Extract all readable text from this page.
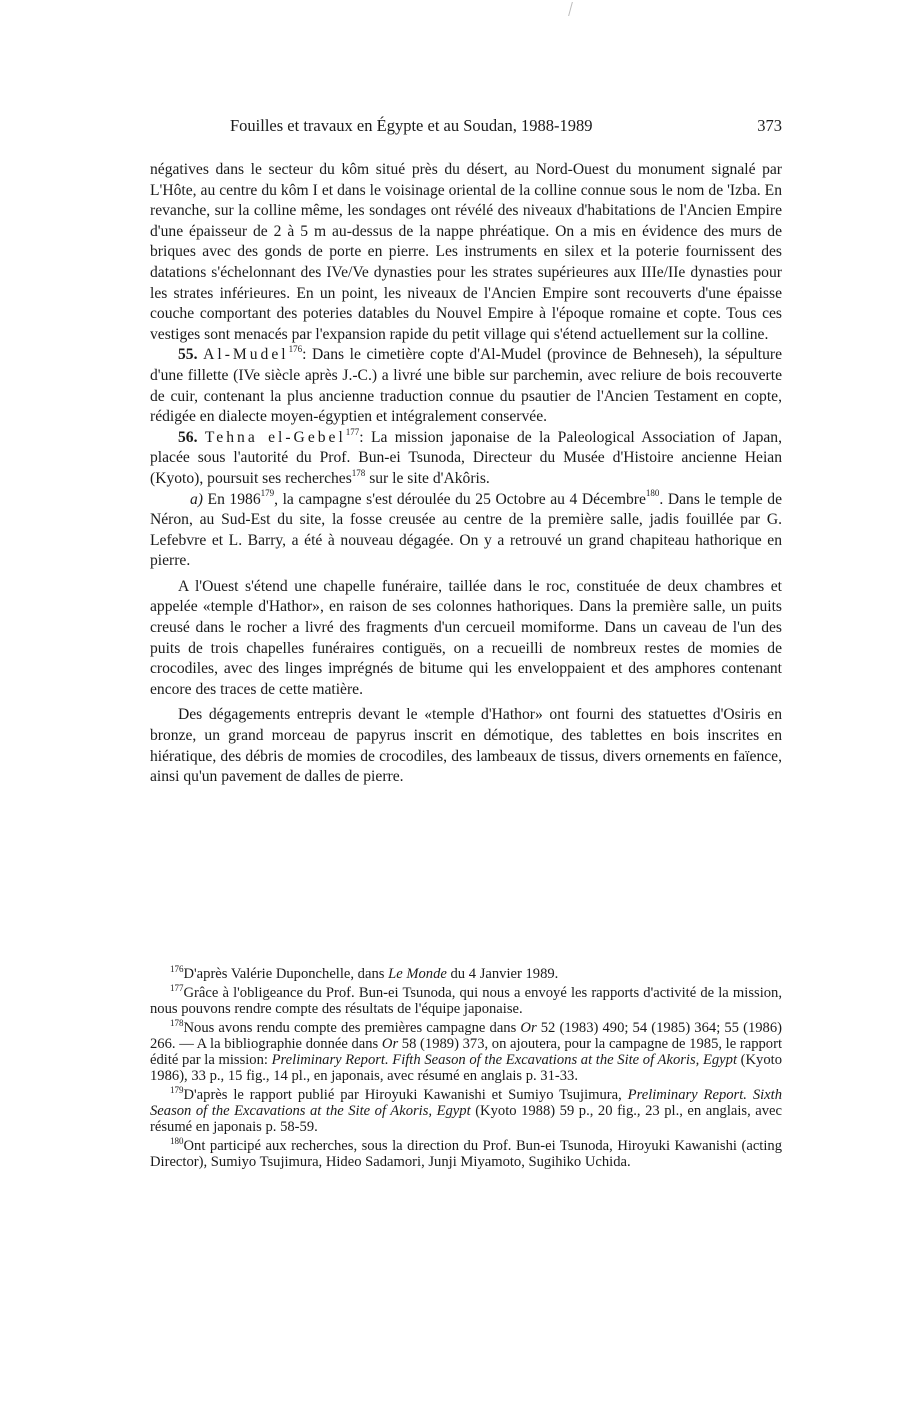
Fouilles et travaux en Égypte et au Soudan, 1988-1989	373

négatives dans le secteur du kôm situé près du désert, au Nord-Ouest du monument signalé par L'Hôte, au centre du kôm I et dans le voisinage oriental de la colline connue sous le nom de 'Izba. En revanche, sur la colline même, les sondages ont révélé des niveaux d'habitations de l'Ancien Empire d'une épaisseur de 2 à 5 m au-dessus de la nappe phréatique. On a mis en évidence des murs de briques avec des gonds de porte en pierre. Les instruments en silex et la poterie fournissent des datations s'échelonnant des IVe/Ve dynasties pour les strates supérieures aux IIIe/IIe dynasties pour les strates inférieures. En un point, les niveaux de l'Ancien Empire sont recouverts d'une épaisse couche comportant des poteries datables du Nouvel Empire à l'époque romaine et copte. Tous ces vestiges sont menacés par l'expansion rapide du petit village qui s'étend actuellement sur la colline.

55. Al-Mudel$^{176}$: Dans le cimetière copte d'Al-Mudel (province de Behneseh), la sépulture d'une fillette (IVe siècle après J.-C.) a livré une bible sur parchemin, avec reliure de bois recouverte de cuir, contenant la plus ancienne traduction connue du psautier de l'Ancien Testament en copte, rédigée en dialecte moyen-égyptien et intégralement conservée.

56. Tehna el-Gebel$^{177}$: La mission japonaise de la Paleological Association of Japan, placée sous l'autorité du Prof. Bun-ei Tsunoda, Directeur du Musée d'Histoire ancienne Heian (Kyoto), poursuit ses recherches$^{178}$ sur le site d'Akôris.

a) En 1986$^{179}$, la campagne s'est déroulée du 25 Octobre au 4 Décembre$^{180}$. Dans le temple de Néron, au Sud-Est du site, la fosse creusée au centre de la première salle, jadis fouillée par G. Lefebvre et L. Barry, a été à nouveau dégagée. On y a retrouvé un grand chapiteau hathorique en pierre.

A l'Ouest s'étend une chapelle funéraire, taillée dans le roc, constituée de deux chambres et appelée «temple d'Hathor», en raison de ses colonnes hathoriques. Dans la première salle, un puits creusé dans le rocher a livré des fragments d'un cercueil momiforme. Dans un caveau de l'un des puits de trois chapelles funéraires contiguës, on a recueilli de nombreux restes de momies de crocodiles, avec des linges imprégnés de bitume qui les enveloppaient et des amphores contenant encore des traces de cette matière.

Des dégagements entrepris devant le «temple d'Hathor» ont fourni des statuettes d'Osiris en bronze, un grand morceau de papyrus inscrit en démotique, des tablettes en bois inscrites en hiératique, des débris de momies de crocodiles, des lambeaux de tissus, divers ornements en faïence, ainsi qu'un pavement de dalles de pierre.

$^{176}$D'après Valérie Duponchelle, dans Le Monde du 4 Janvier 1989.

$^{177}$Grâce à l'obligeance du Prof. Bun-ei Tsunoda, qui nous a envoyé les rapports d'activité de la mission, nous pouvons rendre compte des résultats de l'équipe japonaise.

$^{178}$Nous avons rendu compte des premières campagne dans Or 52 (1983) 490; 54 (1985) 364; 55 (1986) 266. — A la bibliographie donnée dans Or 58 (1989) 373, on ajoutera, pour la campagne de 1985, le rapport édité par la mission: Preliminary Report. Fifth Season of the Excavations at the Site of Akoris, Egypt (Kyoto 1986), 33 p., 15 fig., 14 pl., en japonais, avec résumé en anglais p. 31-33.

$^{179}$D'après le rapport publié par Hiroyuki Kawanishi et Sumiyo Tsujimura, Preliminary Report. Sixth Season of the Excavations at the Site of Akoris, Egypt (Kyoto 1988) 59 p., 20 fig., 23 pl., en anglais, avec résumé en japonais p. 58-59.

$^{180}$Ont participé aux recherches, sous la direction du Prof. Bun-ei Tsunoda, Hiroyuki Kawanishi (acting Director), Sumiyo Tsujimura, Hideo Sadamori, Junji Miyamoto, Sugihiko Uchida.
